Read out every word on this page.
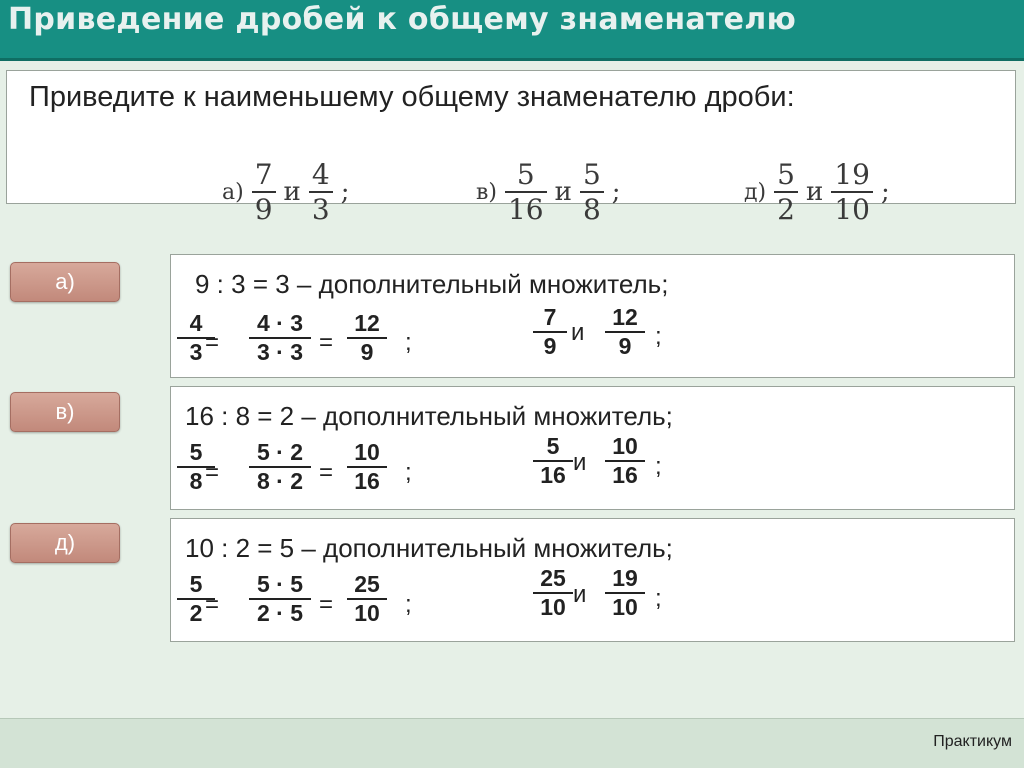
Приведение дробей к общему знаменателю
Приведите к наименьшему общему знаменателю дроби:
а)
7
9
и
4
3
;	в)
5
16
и
5
8
;	д)
5
2
и
19
10
;
а)	9 : 3 = 3 – дополнительный множитель;
$\frac{4}{3}$
= $\frac{4 \cdot 3}{3 \cdot 3} = \frac{12}{9}$ ;	$\frac{7}{9}$ и $\frac{12}{9}$ ;
в)	16 : 8 = 2 – дополнительный множитель;
$\frac{5}{8}$
= $\frac{5 \cdot 2}{8 \cdot 2} = \frac{10}{16}$ ;	$\frac{5}{16}$ и $\frac{10}{16}$ ;
д)	10 : 2 = 5 – дополнительный множитель;
$\frac{5}{2}$
= $\frac{5 \cdot 5}{2 \cdot 5} = \frac{25}{10}$ ;	$\frac{25}{10}$ и $\frac{19}{10}$ ;
Практикум
